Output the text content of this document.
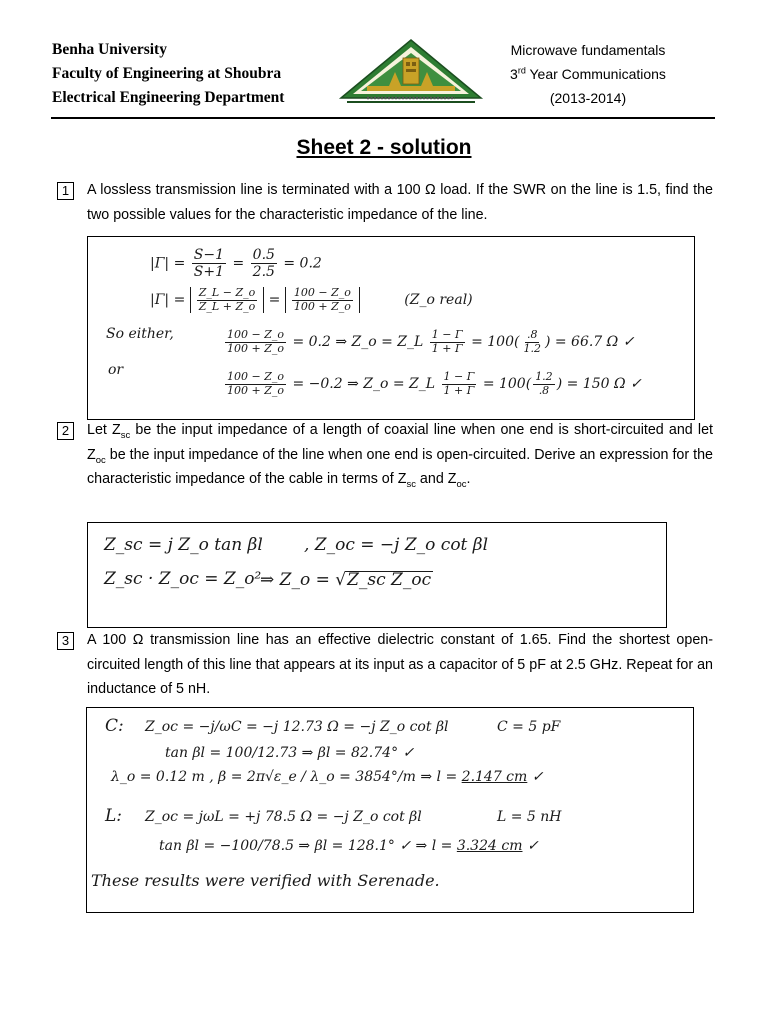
Benha University
Faculty of Engineering at Shoubra
Electrical Engineering Department
Microwave fundamentals
3rd Year Communications
(2013-2014)
Sheet 2 - solution
1	A lossless transmission line is terminated with a 100 Ω load. If the SWR on the line is 1.5, find the two possible values for the characteristic impedance of the line.
$|\Gamma| = \frac{S-1}{S+1} = \frac{0.5}{2.5} = 0.2$
$|\Gamma| = \frac{Z\_L - Z\_o}{Z\_L + Z\_o} = \frac{100 - Z\_o}{100 + Z\_o}$	(Z_o real)
So either,	$\frac{100 - Z\_o}{100 + Z\_o} = 0.2$ ⇒ Z_o = Z_L $\frac{1 - \Gamma}{1 + \Gamma} = 100( \frac{.8}{1.2}$ ) = 66.7 Ω ✓
or
$\frac{100 - Z\_o}{100 + Z\_o} = -0.2$ ⇒ Z_o = Z_L $\frac{1 - \Gamma}{1 + \Gamma} = 100( \frac{1.2}{.8}$ ) = 150 Ω ✓
2	Let $Z_{sc}$ be the input impedance of a length of coaxial line when one end is short-circuited and let $Z_{oc}$ be the input impedance of the line when one end is open-circuited. Derive an expression for the characteristic impedance of the cable in terms of $Z_{sc}$ and $Z_{oc}$.
Z_sc = j Z_o tan βl , Z_oc = −j Z_o cot βl
Z_sc · Z_oc = Z_o²
⇒ Z_o = √Z_sc Z_oc
3	A 100 Ω transmission line has an effective dielectric constant of 1.65. Find the shortest open-circuited length of this line that appears at its input as a capacitor of 5 pF at 2.5 GHz. Repeat for an inductance of 5 nH.
C: Z_oc = −j/ωC = −j 12.73 Ω = −j Z_o cot βl	C = 5 pF
tan βl = 100/12.73 ⇒ βl = 82.74° ✓
λ_o = 0.12 m , β = 2π√ε_e / λ_o = 3854°/m ⇒ l = 2.147 cm ✓
L: Z_oc = jωL = +j 78.5 Ω = −j Z_o cot βl	L = 5 nH
tan βl = −100/78.5 ⇒ βl = 128.1° ✓ ⇒ l = 3.324 cm ✓
These results were verified with Serenade.
